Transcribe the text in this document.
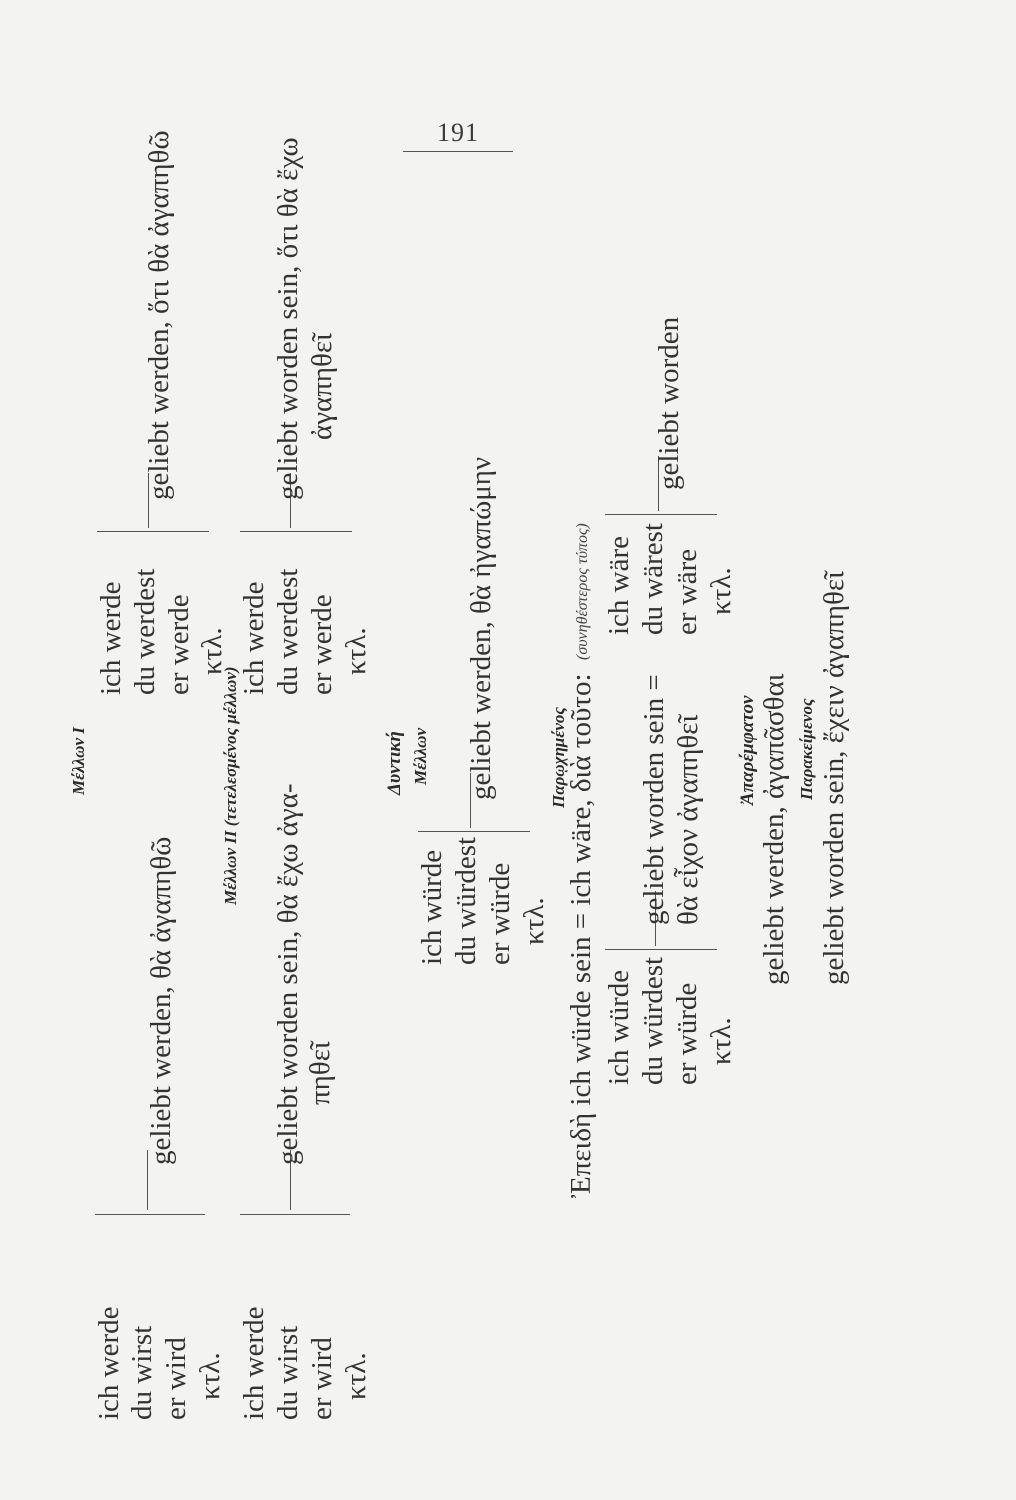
191
Μέλλων I
ich werde du wirst er wird κτλ.
geliebt werden, θὰ ἀγαπηθῶ
ich werde du werdest er werde κτλ.
geliebt werden, ὅτι θὰ ἀγαπηθῶ
Μέλλων II (τετελεσμένος μέλλων)
ich werde du wirst er wird κτλ.
geliebt worden sein, θὰ ἔχω ἀγα- πηθεῖ
ich werde du werdest er werde κτλ.
geliebt worden sein, ὅτι θὰ ἔχω ἀγαπηθεῖ
Δυντική Μέλλων
ich würde du würdest er würde κτλ.
geliebt werden, θὰ ἠγαπώμην	Παρῳχημένος
Ἐπειδὴ ich würde sein = ich wäre, διὰ τοῦτο:
(συνηθέστερος τύπος)
ich würde du würdest er würde κτλ.
geliebt worden sein = θὰ εἶχον ἀγαπηθεῖ
ich wäre du wärest er wäre κτλ.
geliebt worden
Ἀπαρέμφατον geliebt werden, ἀγαπᾶσθαι Παρακείμενος geliebt worden sein, ἔχειν ἀγαπηθεῖ
